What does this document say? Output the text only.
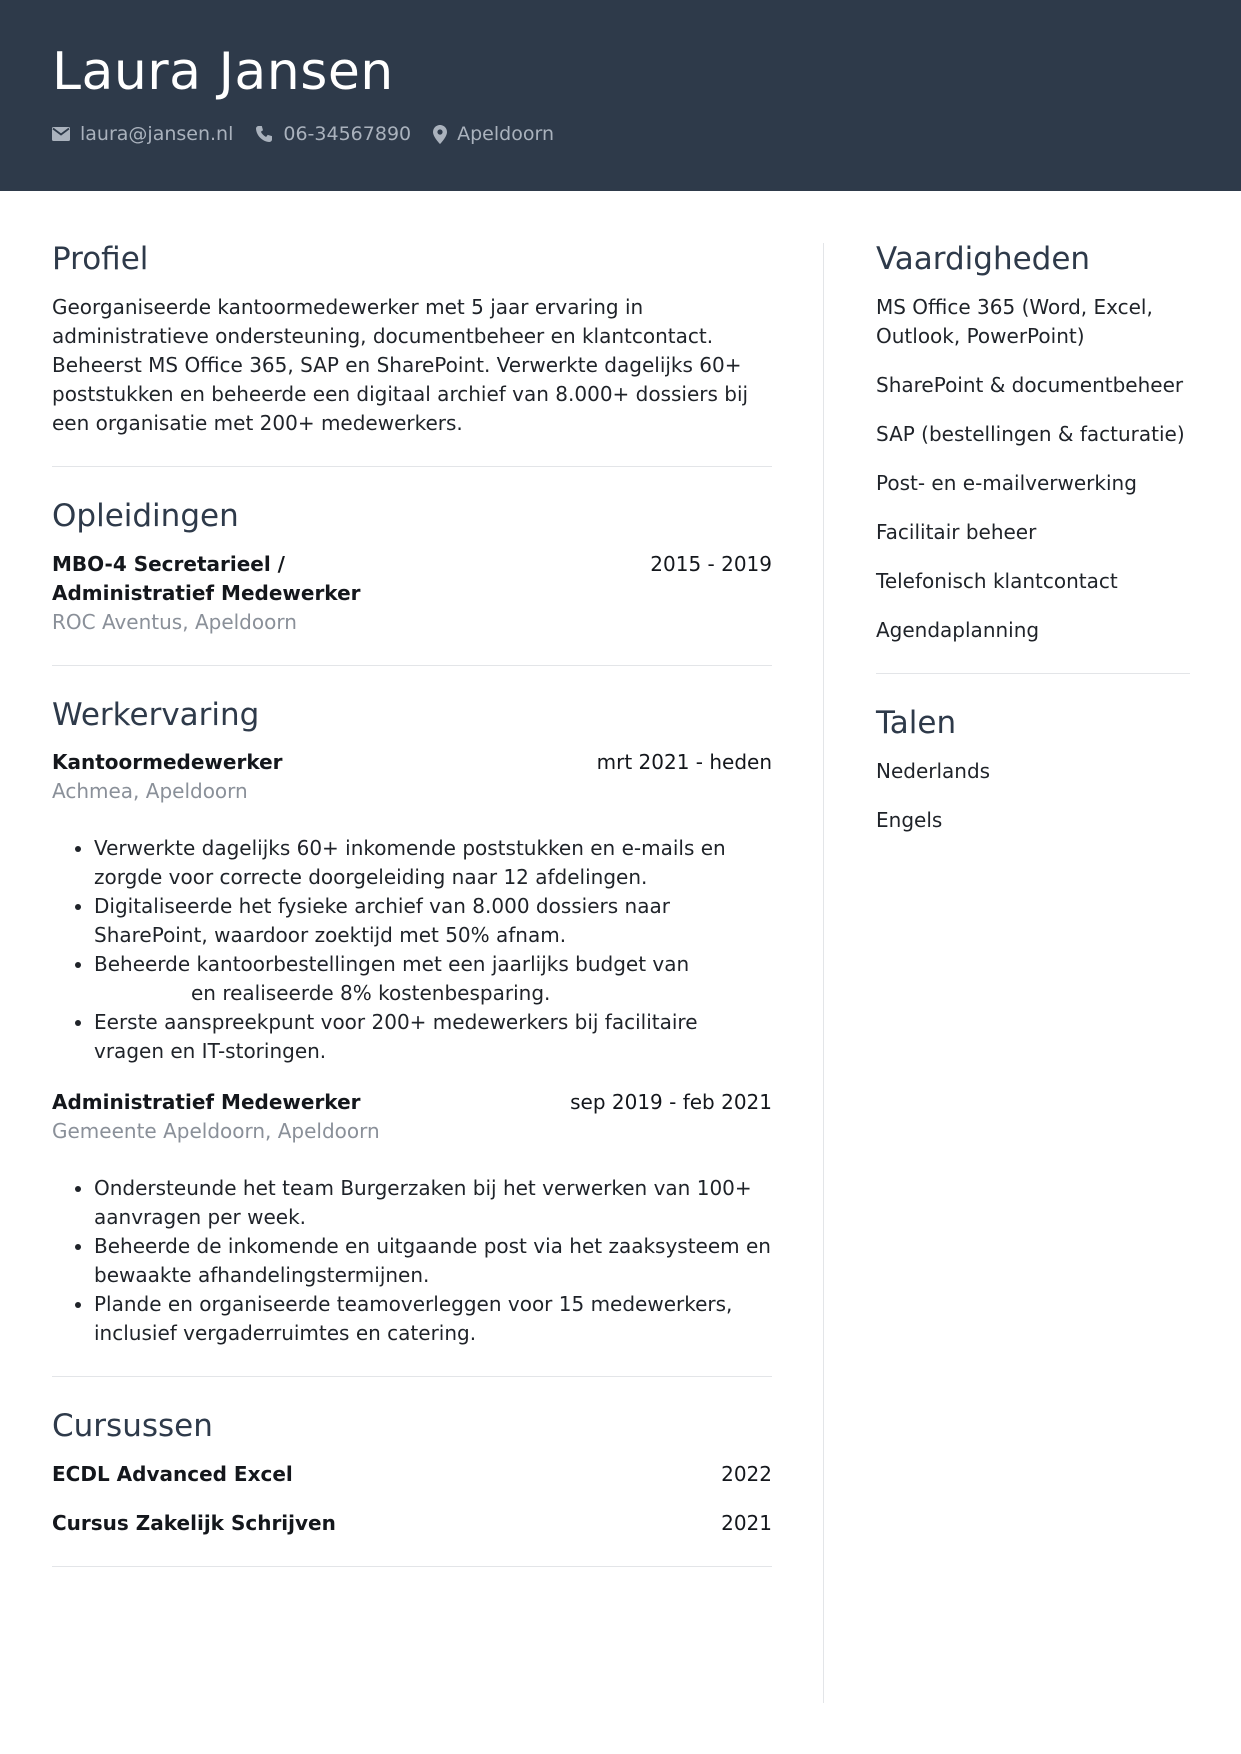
Laura Jansen
laura@jansen.nl	06-34567890 Apeldoorn
Profiel

Georganiseerde kantoormedewerker met 5 jaar ervaring in administratieve ondersteuning, documentbeheer en klantcontact. Beheerst MS Office 365, SAP en SharePoint. Verwerkte dagelijks 60+ poststukken en beheerde een digitaal archief van 8.000+ dossiers bij een organisatie met 200+ medewerkers.

Opleidingen
MBO-4 Secretarieel / Administratief Medewerker
2015 - 2019
ROC Aventus, Apeldoorn
Werkervaring
Kantoormedewerker	mrt 2021 - heden
Achmea, Apeldoorn
• Verwerkte dagelijks 60+ inkomende poststukken en e-mails en zorgde voor correcte doorgeleiding naar 12 afdelingen.
• Digitaliseerde het fysieke archief van 8.000 dossiers naar SharePoint, waardoor zoektijd met 50% afnam.
• Beheerde kantoorbestellingen met een jaarlijks budget van
en realiseerde 8% kostenbesparing.
• Eerste aanspreekpunt voor 200+ medewerkers bij facilitaire vragen en IT-storingen.
Administratief Medewerker	sep 2019 - feb 2021
Gemeente Apeldoorn, Apeldoorn
• Ondersteunde het team Burgerzaken bij het verwerken van 100+ aanvragen per week.
• Beheerde de inkomende en uitgaande post via het zaaksysteem en bewaakte afhandelingstermijnen.
• Plande en organiseerde teamoverleggen voor 15 medewerkers, inclusief vergaderruimtes en catering.
Cursussen
ECDL Advanced Excel	2022
Cursus Zakelijk Schrijven	2021
Vaardigheden

MS Office 365 (Word, Excel, Outlook, PowerPoint)

SharePoint & documentbeheer

SAP (bestellingen & facturatie)

Post- en e-mailverwerking

Facilitair beheer

Telefonisch klantcontact

Agendaplanning

Talen

Nederlands

Engels
